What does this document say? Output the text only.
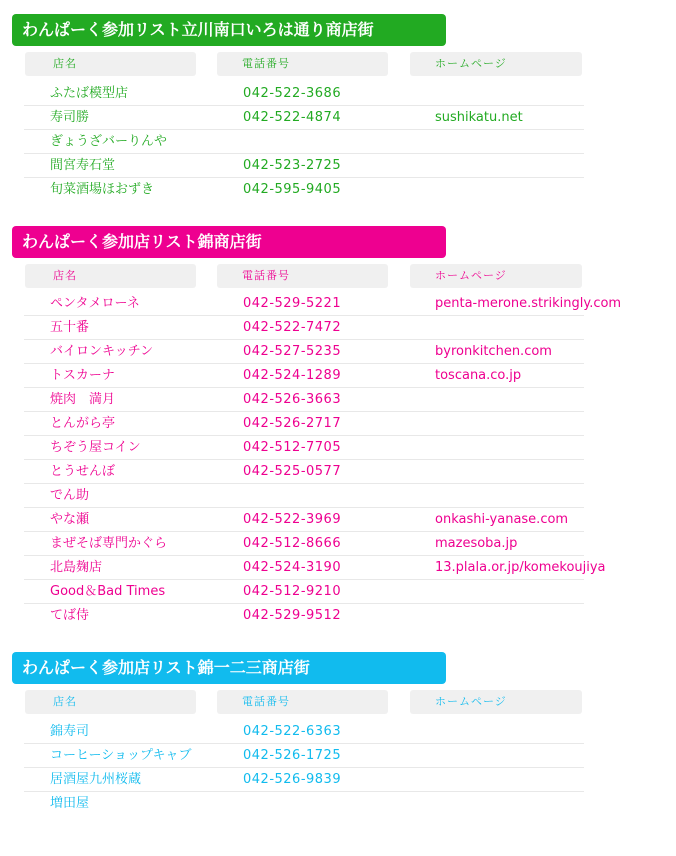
わんぱーく参加リスト立川南口いろは通り商店街
店名	電話番号	ホームページ
ふたば模型店	042-522-3686
寿司勝	042-522-4874	sushikatu.net
ぎょうざバーりんや
間宮寿石堂	042-523-2725
旬菜酒場ほおずき	042-595-9405
わんぱーく参加店リスト錦商店街
店名	電話番号	ホームページ
ペンタメローネ	042-529-5221	penta-merone.strikingly.com
五十番	042-522-7472
バイロンキッチン	042-527-5235	byronkitchen.com
トスカーナ	042-524-1289	toscana.co.jp
焼肉　満月	042-526-3663
とんがら亭	042-526-2717
ちぞう屋コイン	042-512-7705
とうせんぼ	042-525-0577
でん助
やな瀬	042-522-3969	onkashi-yanase.com
まぜそば専門かぐら	042-512-8666	mazesoba.jp
北島麹店	042-524-3190	13.plala.or.jp/komekoujiya
Good＆Bad Times	042-512-9210
てば侍	042-529-9512
わんぱーく参加店リスト錦
ひふみ
一二三商店街
店名	電話番号	ホームページ
錦寿司	042-522-6363
コーヒーショップキャブ	042-526-1725
居酒屋九州桜蔵	042-526-9839
増田屋
